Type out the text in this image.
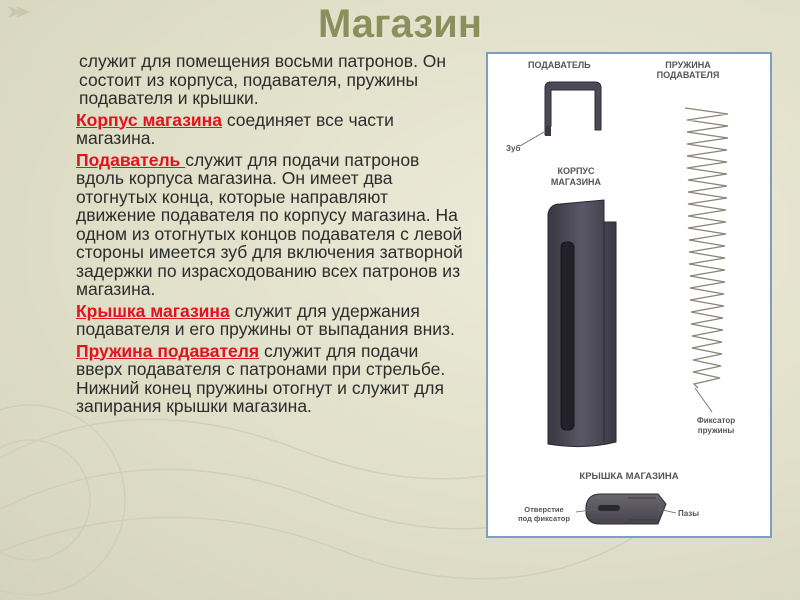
Магазин

служит для помещения восьми патронов. Он состоит из корпуса, подавателя, пружины подавателя и крышки.

Корпус магазина соединяет все части магазина.

Подаватель служит для подачи патронов вдоль корпуса магазина. Он имеет два отогнутых конца, которые направляют движение подавателя по корпусу магазина. На одном из отогнутых концов подавателя с левой стороны имеется зуб для включения затворной задержки по израсходованию всех патронов из магазина.

Крышка магазина служит для удержания подавателя и его пружины от выпадания вниз.

Пружина подавателя служит для подачи вверх подавателя с патронами при стрельбе. Нижний конец пружины отогнут и служит для запирания крышки магазина.

ПОДАВАТЕЛЬ	ПРУЖИНА
ПОДАВАТЕЛЯ
Зуб
КОРПУС
МАГАЗИНА
Фиксатор
пружины
КРЫШКА МАГАЗИНА
Отверстие
под фиксатор
Пазы
